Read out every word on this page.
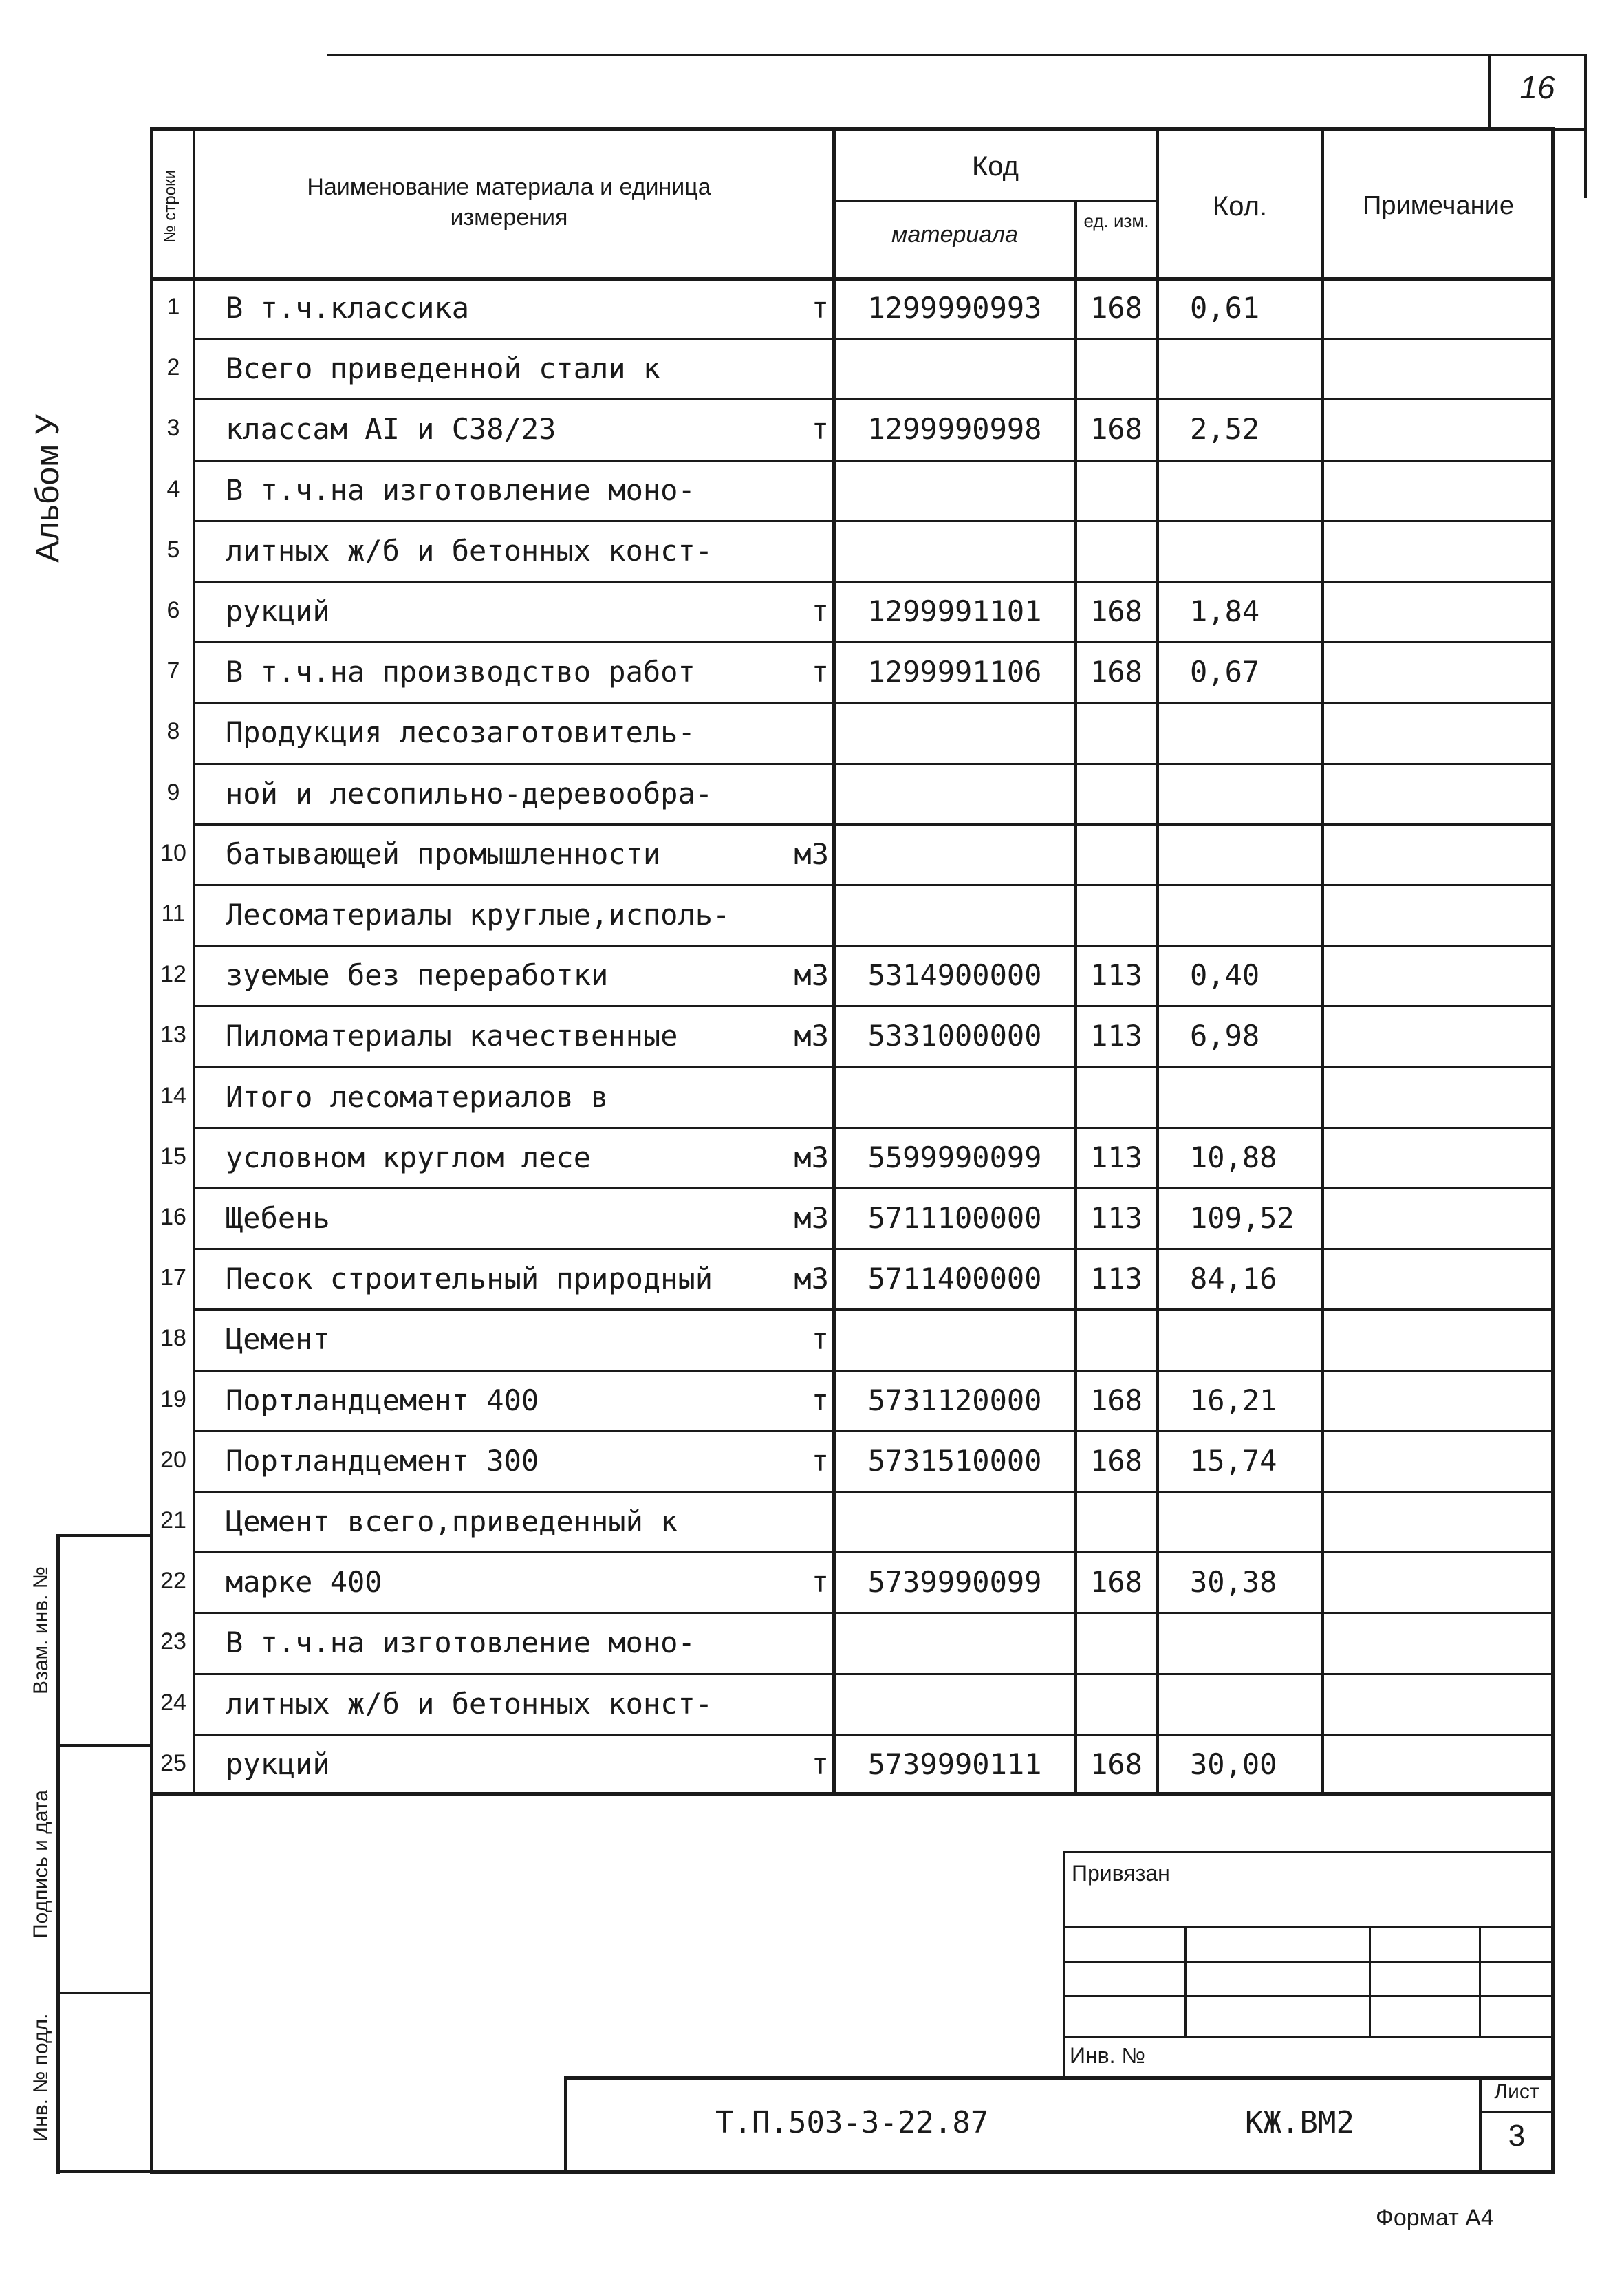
16
Альбом У
Взам. инв. №
Подпись и дата
Инв. № подл.
Наименование материала и единица измерения
Код
материала
ед. изм.	Кол.	Примечание
№ строки
1	В т.ч.классика	т	1299990993	168	0,61
2	Всего приведенной стали к
3	классам АI и С38/23	т	1299990998	168	2,52
4	В т.ч.на изготовление моно-
5	литных ж/б и бетонных конст-
6	рукций	т	1299991101	168	1,84
7	В т.ч.на производство работ	т	1299991106	168	0,67
8	Продукция лесозаготовитель-
9	ной и лесопильно-деревообра-
10 батывающей промышленности	м3
11 Лесоматериалы круглые,исполь-
12 зуемые без переработки	м3	5314900000	113	0,40
13 Пиломатериалы качественные	м3	5331000000	113	6,98
14 Итого лесоматериалов в
15 условном круглом лесе	м3	5599990099	113	10,88
16 Щебень	м3	5711100000	113	109,52
17 Песок строительный природный	м3	5711400000	113	84,16
18 Цемент	т
19 Портландцемент 400	т	5731120000	168	16,21
20 Портландцемент 300	т	5731510000	168	15,74
21 Цемент всего,приведенный к
22 марке 400	т	5739990099	168	30,38
23 В т.ч.на изготовление моно-
24 литных ж/б и бетонных конст-
25 рукций	т	5739990111	168	30,00
Привязан
Инв. №
Т.П.503-3-22.87	КЖ.ВМ2
Лист
3
Формат А4
